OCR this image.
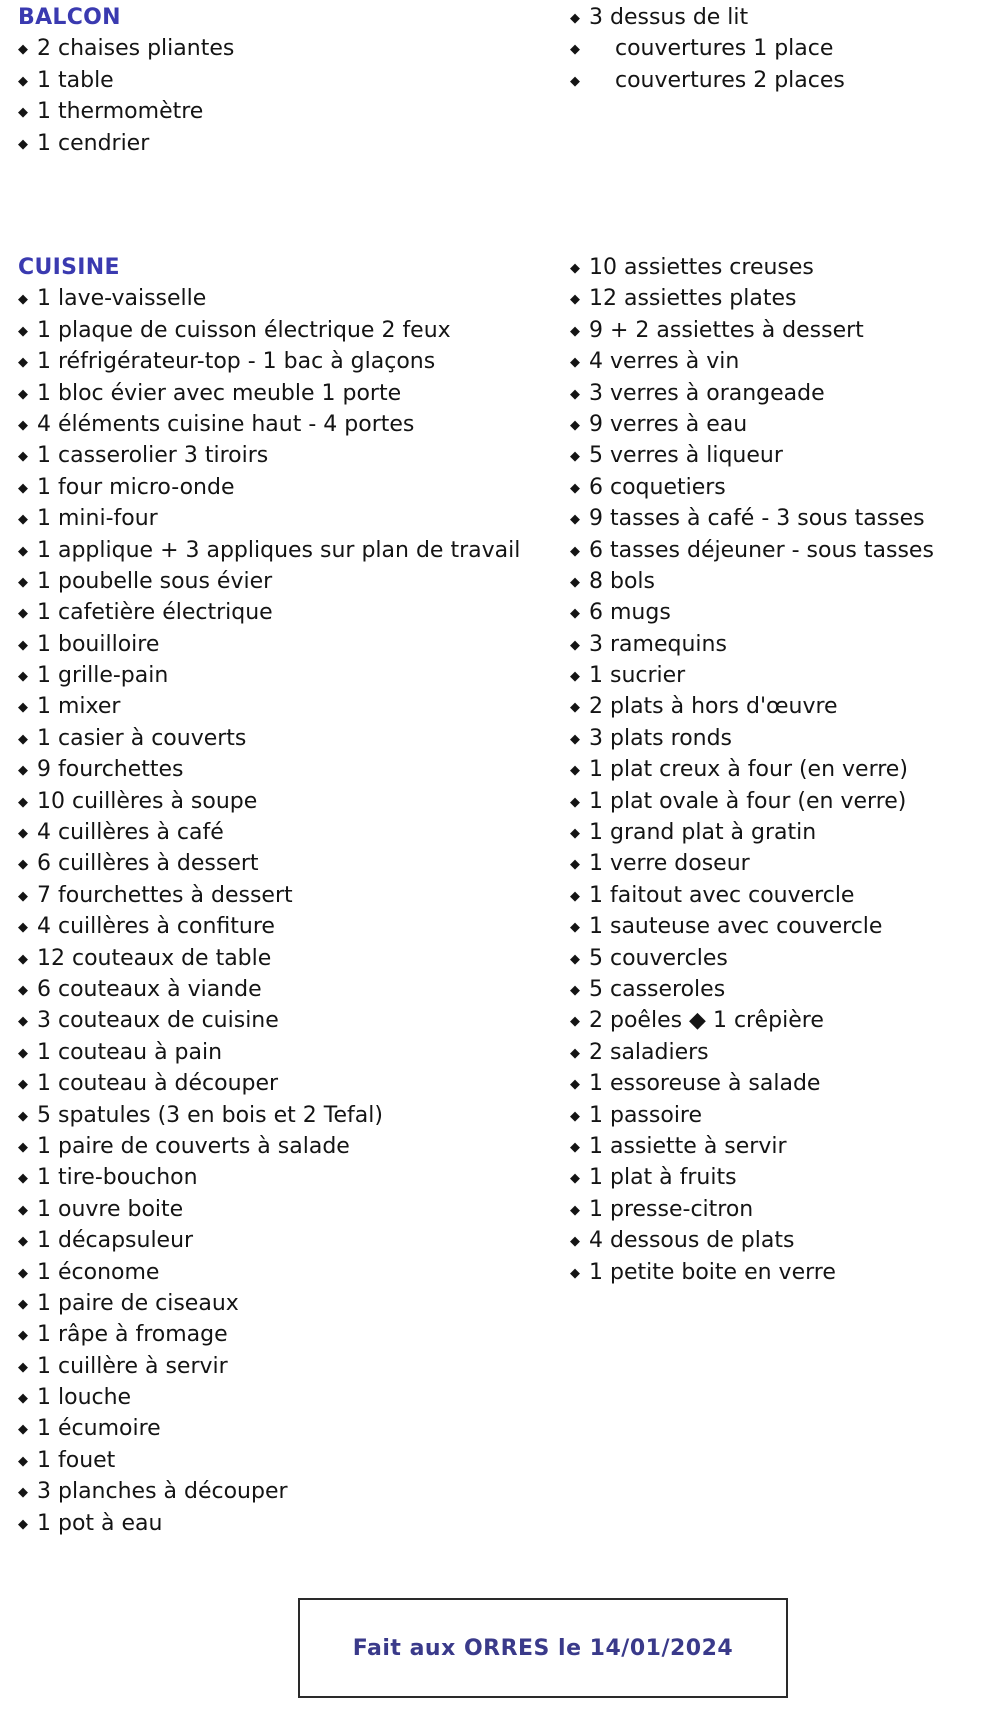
BALCON
◆ 2 chaises pliantes
◆ 1 table
◆ 1 thermomètre
◆ 1 cendrier
◆ 3 dessus de lit
◆ couvertures 1 place
◆ couvertures 2 places
CUISINE
◆ 1 lave-vaisselle
◆ 1 plaque de cuisson électrique 2 feux
◆ 1 réfrigérateur-top - 1 bac à glaçons
◆ 1 bloc évier avec meuble 1 porte
◆ 4 éléments cuisine haut - 4 portes
◆ 1 casserolier 3 tiroirs
◆ 1 four micro-onde
◆ 1 mini-four
◆ 1 applique + 3 appliques sur plan de travail
◆ 1 poubelle sous évier
◆ 1 cafetière électrique
◆ 1 bouilloire
◆ 1 grille-pain
◆ 1 mixer
◆ 1 casier à couverts
◆ 9 fourchettes
◆ 10 cuillères à soupe
◆ 4 cuillères à café
◆ 6 cuillères à dessert
◆ 7 fourchettes à dessert
◆ 4 cuillères à confiture
◆ 12 couteaux de table
◆ 6 couteaux à viande
◆ 3 couteaux de cuisine
◆ 1 couteau à pain
◆ 1 couteau à découper
◆ 5 spatules (3 en bois et 2 Tefal)
◆ 1 paire de couverts à salade
◆ 1 tire-bouchon
◆ 1 ouvre boite
◆ 1 décapsuleur
◆ 1 économe
◆ 1 paire de ciseaux
◆ 1 râpe à fromage
◆ 1 cuillère à servir
◆ 1 louche
◆ 1 écumoire
◆ 1 fouet
◆ 3 planches à découper
◆ 1 pot à eau
◆ 10 assiettes creuses
◆ 12 assiettes plates
◆ 9 + 2 assiettes à dessert
◆ 4 verres à vin
◆ 3 verres à orangeade
◆ 9 verres à eau
◆ 5 verres à liqueur
◆ 6 coquetiers
◆ 9 tasses à café - 3 sous tasses
◆ 6 tasses déjeuner - sous tasses
◆ 8 bols
◆ 6 mugs
◆ 3 ramequins
◆ 1 sucrier
◆ 2 plats à hors d'œuvre
◆ 3 plats ronds
◆ 1 plat creux à four (en verre)
◆ 1 plat ovale à four (en verre)
◆ 1 grand plat à gratin
◆ 1 verre doseur
◆ 1 faitout avec couvercle
◆ 1 sauteuse avec couvercle
◆ 5 couvercles
◆ 5 casseroles
◆ 2 poêles ◆ 1 crêpière
◆ 2 saladiers
◆ 1 essoreuse à salade
◆ 1 passoire
◆ 1 assiette à servir
◆ 1 plat à fruits
◆ 1 presse-citron
◆ 4 dessous de plats
◆ 1 petite boite en verre
Fait aux ORRES le 14/01/2024
